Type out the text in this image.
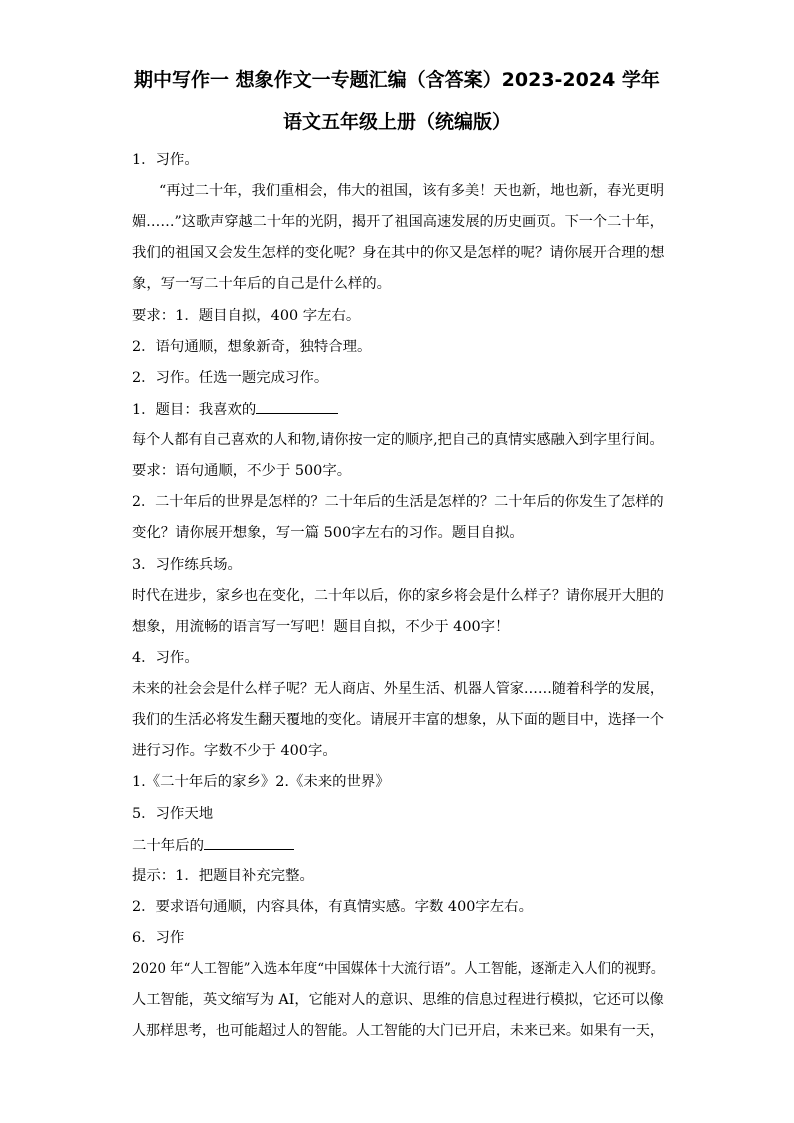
期中写作一 想象作文一专题汇编（含答案）2023-2024 学年
语文五年级上册（统编版）
1．习作。
“再过二十年，我们重相会，伟大的祖国，该有多美！天也新，地也新，春光更明
媚……”这歌声穿越二十年的光阴，揭开了祖国高速发展的历史画页。下一个二十年，
我们的祖国又会发生怎样的变化呢？身在其中的你又是怎样的呢？请你展开合理的想
象，写一写二十年后的自己是什么样的。
要求：1．题目自拟，400 字左右。
2．语句通顺，想象新奇，独特合理。
2．习作。任选一题完成习作。
1．题目：我喜欢的
每个人都有自己喜欢的人和物,请你按一定的顺序,把自己的真情实感融入到字里行间。
要求：语句通顺，不少于 500字。
2．二十年后的世界是怎样的？二十年后的生活是怎样的？二十年后的你发生了怎样的
变化？请你展开想象，写一篇 500字左右的习作。题目自拟。
3．习作练兵场。
时代在进步，家乡也在变化，二十年以后，你的家乡将会是什么样子？请你展开大胆的
想象，用流畅的语言写一写吧！题目自拟，不少于 400字！
4．习作。
未来的社会会是什么样子呢？无人商店、外星生活、机器人管家……随着科学的发展，
我们的生活必将发生翻天覆地的变化。请展开丰富的想象，从下面的题目中，选择一个
进行习作。字数不少于 400字。
1.《二十年后的家乡》2.《未来的世界》
5．习作天地
二十年后的
提示：1．把题目补充完整。
2．要求语句通顺，内容具体，有真情实感。字数 400字左右。
6．习作
2020 年“人工智能”入选本年度“中国媒体十大流行语”。人工智能，逐渐走入人们的视野。
人工智能，英文缩写为 AI，它能对人的意识、思维的信息过程进行模拟，它还可以像
人那样思考，也可能超过人的智能。人工智能的大门已开启，未来已来。如果有一天，
